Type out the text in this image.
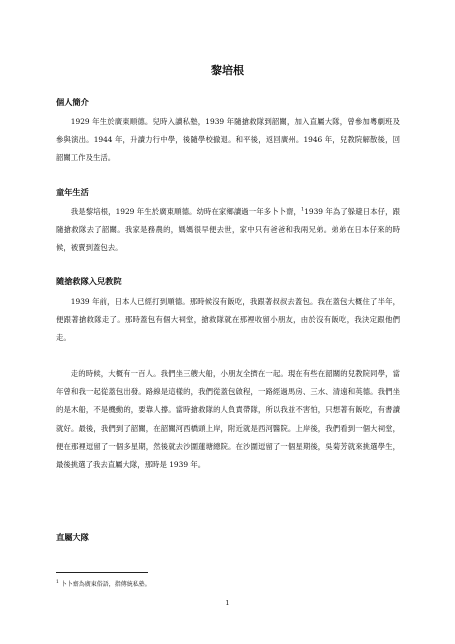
黎培根
個人簡介

1929 年生於廣東順德。兒時入讀私塾，1939 年隨搶救隊到韶關，加入直屬大隊，曾參加粵劇班及參與演出。1944 年，升讀力行中學，後隨學校撤退。和平後，返回廣州。1946 年，兒教院解散後，回韶關工作及生活。

童年生活

我是黎培根，1929 年生於廣東順德。幼時在家鄉讀過一年多卜卜齋，$^1$1939 年為了躲避日本仔，跟隨搶救隊去了韶關。我家是務農的，媽媽很早便去世，家中只有爸爸和我兩兄弟。弟弟在日本仔來的時候，被賣到蓋包去。

隨搶救隊入兒教院

1939 年前，日本人已經打到順德。那時候沒有飯吃，我跟著叔叔去蓋包。我在蓋包大概住了半年，便跟著搶救隊走了。那時蓋包有個大祠堂，搶救隊就在那裡收留小朋友，由於沒有飯吃，我決定跟他們走。

走的時候，大概有一百人。我們坐三艘大船，小朋友全擠在一起。現在有些在韶關的兒教院同學，當年曾和我一起從蓋包出發。路線是這樣的，我們從蓋包啟程，一路經過馬房、三水、清遠和英德。我們坐的是木船，不是機動的，要靠人撐。當時搶救隊的人負責帶隊，所以我並不害怕，只想著有飯吃，有書讀就好。最後，我們到了韶關，在韶關河西橋頭上岸，附近就是西河醫院。上岸後，我們看到一個大祠堂，便在那裡逗留了一個多星期，然後就去沙圍蓮塘總院。在沙圍逗留了一個星期後，吳菊芳就來挑選學生，最後挑選了我去直屬大隊，那時是 1939 年。

直屬大隊
$^1$ 卜卜齋為廣東俗語，指傳統私塾。
1
